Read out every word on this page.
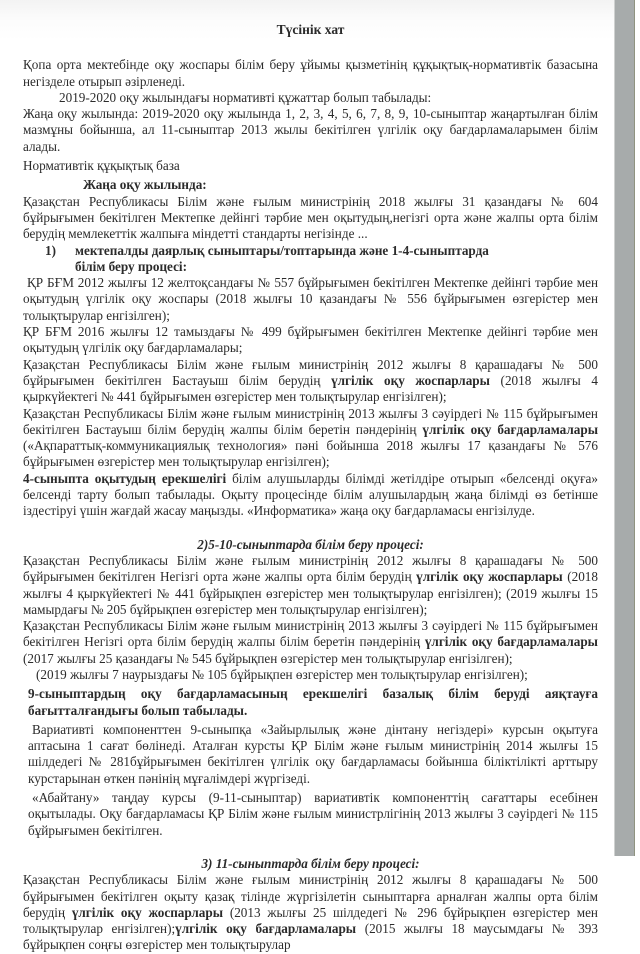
Түсінік хат

Қопа орта мектебінде оқу жоспары білім беру ұйымы қызметінің құқықтық-нормативтік базасына негізделе отырып әзірленеді.

2019-2020 оқу жылындағы нормативті құжаттар болып табылады:

Жаңа оқу жылында: 2019-2020 оқу жылында 1, 2, 3, 4, 5, 6, 7, 8, 9, 10-сыныптар жаңартылған білім мазмұны бойынша, ал 11-сыныптар 2013 жылы бекітілген үлгілік оқу бағдарламаларымен білім алады.

Нормативтік құқықтық база

Жаңа оқу жылында:

Қазақстан Республикасы Білім және ғылым министрінің 2018 жылғы 31 қазандағы № 604 бұйрығымен бекітілген Мектепке дейінгі тәрбие мен оқытудың,негізгі орта және жалпы орта білім берудің мемлекеттік жалпыға міндетті стандарты негізінде ...

1)	мектепалды даярлық сыныптары/топтарында және 1-4-сыныптарда
білім беру процесі:

ҚР БҒМ 2012 жылғы 12 желтоқсандағы № 557 бұйрығымен бекітілген Мектепке дейінгі тәрбие мен оқытудың үлгілік оқу жоспары (2018 жылғы 10 қазандағы № 556 бұйрығымен өзгерістер мен толықтырулар енгізілген);

ҚР БҒМ 2016 жылғы 12 тамыздағы № 499 бұйрығымен бекітілген Мектепке дейінгі тәрбие мен оқытудың үлгілік оқу бағдарламалары;

Қазақстан Республикасы Білім және ғылым министрінің 2012 жылғы 8 қарашадағы № 500 бұйрығымен бекітілген Бастауыш білім берудің үлгілік оқу жоспарлары (2018 жылғы 4 қыркүйектегі № 441 бұйрығымен өзгерістер мен толықтырулар енгізілген);

Қазақстан Республикасы Білім және ғылым министрінің 2013 жылғы 3 сәуірдегі № 115 бұйрығымен бекітілген Бастауыш білім берудің жалпы білім беретін пәндерінің үлгілік оқу бағдарламалары («Ақпараттық-коммуникациялық технология» пәні бойынша 2018 жылғы 17 қазандағы № 576 бұйрығымен өзгерістер мен толықтырулар енгізілген);

4-сыныпта оқытудың ерекшелігі білім алушыларды білімді жетілдіре отырып «белсенді оқуға» белсенді тарту болып табылады. Оқыту процесінде білім алушылардың жаңа білімді өз бетінше іздестіруі үшін жағдай жасау маңызды. «Информатика» жаңа оқу бағдарламасы енгізілуде.

2)5-10-сыныптарда білім беру процесі:

Қазақстан Республикасы Білім және ғылым министрінің 2012 жылғы 8 қарашадағы № 500 бұйрығымен бекітілген Негізгі орта және жалпы орта білім берудің үлгілік оқу жоспарлары (2018 жылғы 4 қыркүйектегі № 441 бұйрықпен өзгерістер мен толықтырулар енгізілген); (2019 жылғы 15 мамырдағы № 205 бұйрықпен өзгерістер мен толықтырулар енгізілген);

Қазақстан Республикасы Білім және ғылым министрінің 2013 жылғы 3 сәуірдегі № 115 бұйрығымен бекітілген Негізгі орта білім берудің жалпы білім беретін пәндерінің үлгілік оқу бағдарламалары (2017 жылғы 25 қазандағы № 545 бұйрықпен өзгерістер мен толықтырулар енгізілген);

(2019 жылғы 7 наурыздағы № 105 бұйрықпен өзгерістер мен толықтырулар енгізілген);

9-сыныптардың оқу бағдарламасының ерекшелігі базалық білім беруді аяқтауға бағытталғандығы болып табылады.

Вариативті компоненттен 9-сыныпқа «Зайырлылық және дінтану негіздері» курсын оқытуға аптасына 1 сағат бөлінеді. Аталған курсты ҚР Білім және ғылым министрінің 2014 жылғы 15 шілдедегі № 281бұйрығымен бекітілген үлгілік оқу бағдарламасы бойынша біліктілікті арттыру курстарынан өткен пәнінің мұғалімдері жүргізеді.

«Абайтану» таңдау курсы (9-11-сыныптар) вариативтік компоненттің сағаттары есебінен оқытылады. Оқу бағдарламасы ҚР Білім және ғылым министрлігінің 2013 жылғы 3 сәуірдегі № 115 бұйрығымен бекітілген.

3) 11-сыныптарда білім беру процесі:

Қазақстан Республикасы Білім және ғылым министрінің 2012 жылғы 8 қарашадағы № 500 бұйрығымен бекітілген оқыту қазақ тілінде жүргізілетін сыныптарға арналған жалпы орта білім берудің үлгілік оқу жоспарлары (2013 жылғы 25 шілдедегі № 296 бұйрықпен өзгерістер мен толықтырулар енгізілген);үлгілік оқу бағдарламалары (2015 жылғы 18 маусымдағы № 393 бұйрықпен соңғы өзгерістер мен толықтырулар
